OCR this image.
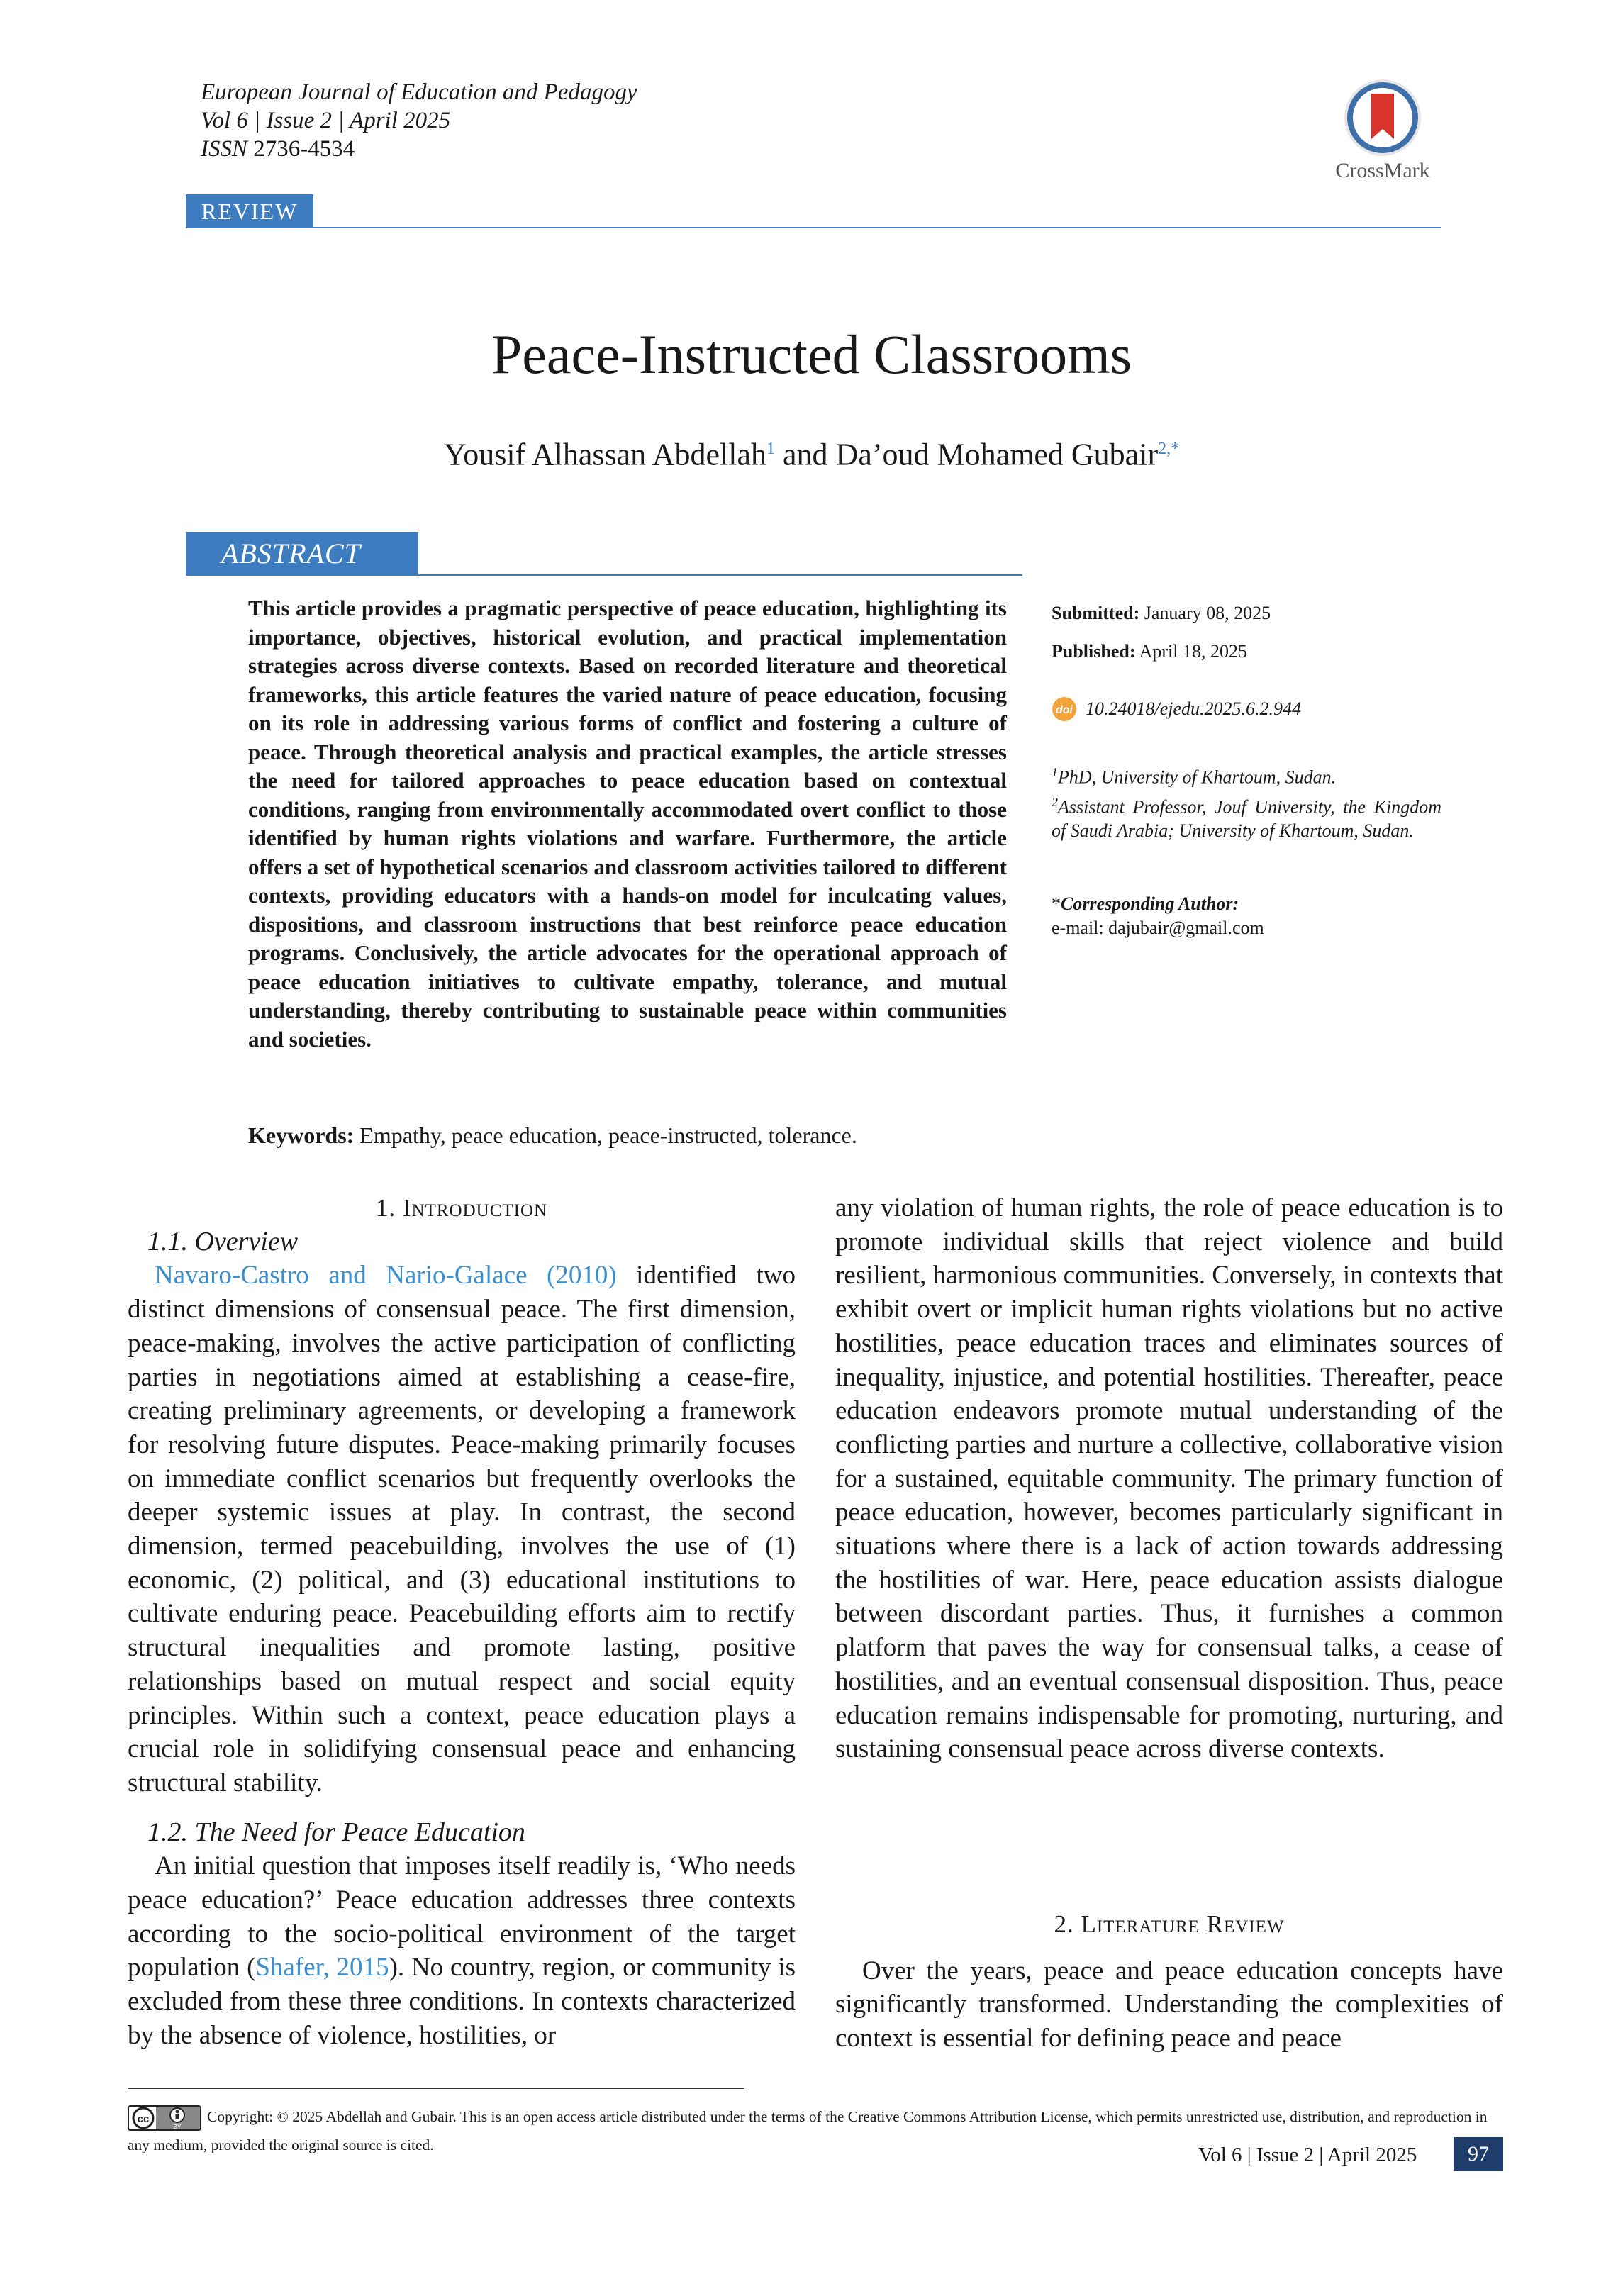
European Journal of Education and Pedagogy
Vol 6 | Issue 2 | April 2025
ISSN 2736-4534
CrossMark
REVIEW
Peace-Instructed Classrooms
Yousif Alhassan Abdellah$^1$ and Da’oud Mohamed Gubair$^{2,*}$
ABSTRACT
This article provides a pragmatic perspective of peace education, highlighting its importance, objectives, historical evolution, and practical implementation strategies across diverse contexts. Based on recorded literature and theoretical frameworks, this article features the varied nature of peace education, focusing on its role in addressing various forms of conflict and fostering a culture of peace. Through theoretical analysis and practical examples, the article stresses the need for tailored approaches to peace education based on contextual conditions, ranging from environmentally accommodated overt conflict to those identified by human rights violations and warfare. Furthermore, the article offers a set of hypothetical scenarios and classroom activities tailored to different contexts, providing educators with a hands-on model for inculcating values, dispositions, and classroom instructions that best reinforce peace education programs. Conclusively, the article advocates for the operational approach of peace education initiatives to cultivate empathy, tolerance, and mutual understanding, thereby contributing to sustainable peace within communities and societies.
Submitted: January 08, 2025
Published: April 18, 2025
doi 10.24018/ejedu.2025.6.2.944
$^1$PhD, University of Khartoum, Sudan.
$^2$Assistant Professor, Jouf University, the Kingdom of Saudi Arabia; University of Khartoum, Sudan.
*Corresponding Author:
e-mail: dajubair@gmail.com
Keywords: Empathy, peace education, peace-instructed, tolerance.
1. Introduction
1.1. Overview

Navaro-Castro and Nario-Galace (2010) identified two distinct dimensions of consensual peace. The first dimension, peace-making, involves the active participation of conflicting parties in negotiations aimed at establishing a cease-fire, creating preliminary agreements, or developing a framework for resolving future disputes. Peace-making primarily focuses on immediate conflict scenarios but frequently overlooks the deeper systemic issues at play. In contrast, the second dimension, termed peacebuilding, involves the use of (1) economic, (2) political, and (3) educational institutions to cultivate enduring peace. Peacebuilding efforts aim to rectify structural inequalities and promote lasting, positive relationships based on mutual respect and social equity principles. Within such a context, peace education plays a crucial role in solidifying consensual peace and enhancing structural stability.

1.2. The Need for Peace Education

An initial question that imposes itself readily is, ‘Who needs peace education?’ Peace education addresses three contexts according to the socio-political environment of the target population (Shafer, 2015). No country, region, or community is excluded from these three conditions. In contexts characterized by the absence of violence, hostilities, or

any violation of human rights, the role of peace education is to promote individual skills that reject violence and build resilient, harmonious communities. Conversely, in contexts that exhibit overt or implicit human rights violations but no active hostilities, peace education traces and eliminates sources of inequality, injustice, and potential hostilities. Thereafter, peace education endeavors promote mutual understanding of the conflicting parties and nurture a collective, collaborative vision for a sustained, equitable community. The primary function of peace education, however, becomes particularly significant in situations where there is a lack of action towards addressing the hostilities of war. Here, peace education assists dialogue between discordant parties. Thus, it furnishes a common platform that paves the way for consensual talks, a cease of hostilities, and an eventual consensual disposition. Thus, peace education remains indispensable for promoting, nurturing, and sustaining consensual peace across diverse contexts.

2. Literature Review

Over the years, peace and peace education concepts have significantly transformed. Understanding the complexities of context is essential for defining peace and peace

cc
BY
Copyright: © 2025 Abdellah and Gubair. This is an open access article distributed under the terms of the Creative Commons Attribution License, which permits unrestricted use, distribution, and reproduction in any medium, provided the original source is cited.	Vol 6 | Issue 2 | April 2025	97
